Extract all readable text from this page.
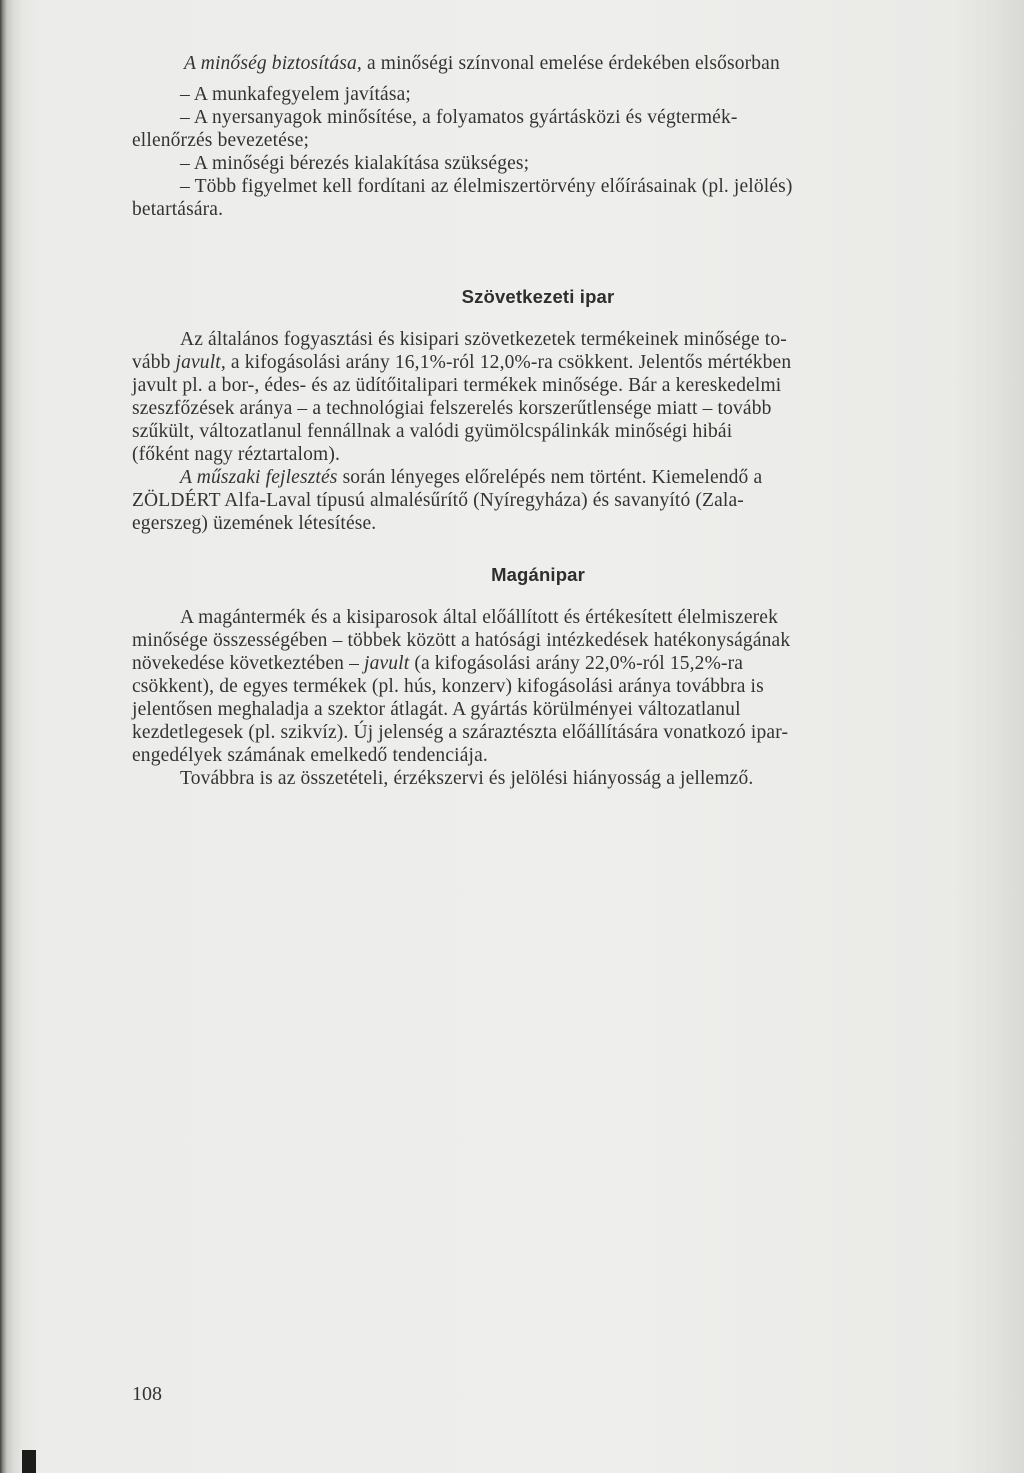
A minőség biztosítása, a minőségi színvonal emelése érdekében elsősorban
– A munkafegyelem javítása;
– A nyersanyagok minősítése, a folyamatos gyártásközi és végtermék-
ellenőrzés bevezetése;
– A minőségi bérezés kialakítása szükséges;
– Több figyelmet kell fordítani az élelmiszertörvény előírásainak (pl. jelölés)
betartására.
Szövetkezeti ipar
Az általános fogyasztási és kisipari szövetkezetek termékeinek minősége to-
vább javult, a kifogásolási arány 16,1%-ról 12,0%-ra csökkent. Jelentős mértékben
javult pl. a bor-, édes- és az üdítőitalipari termékek minősége. Bár a kereskedelmi
szeszfőzések aránya – a technológiai felszerelés korszerűtlensége miatt – tovább
szűkült, változatlanul fennállnak a valódi gyümölcspálinkák minőségi hibái
(főként nagy réztartalom).
A műszaki fejlesztés során lényeges előrelépés nem történt. Kiemelendő a
ZÖLDÉRT Alfa-Laval típusú almalésűrítő (Nyíregyháza) és savanyító (Zala-
egerszeg) üzemének létesítése.
Magánipar
A magántermék és a kisiparosok által előállított és értékesített élelmiszerek
minősége összességében – többek között a hatósági intézkedések hatékonyságának
növekedése következtében – javult (a kifogásolási arány 22,0%-ról 15,2%-ra
csökkent), de egyes termékek (pl. hús, konzerv) kifogásolási aránya továbbra is
jelentősen meghaladja a szektor átlagát. A gyártás körülményei változatlanul
kezdetlegesek (pl. szikvíz). Új jelenség a száraztészta előállítására vonatkozó ipar-
engedélyek számának emelkedő tendenciája.
Továbbra is az összetételi, érzékszervi és jelölési hiányosság a jellemző.
108
